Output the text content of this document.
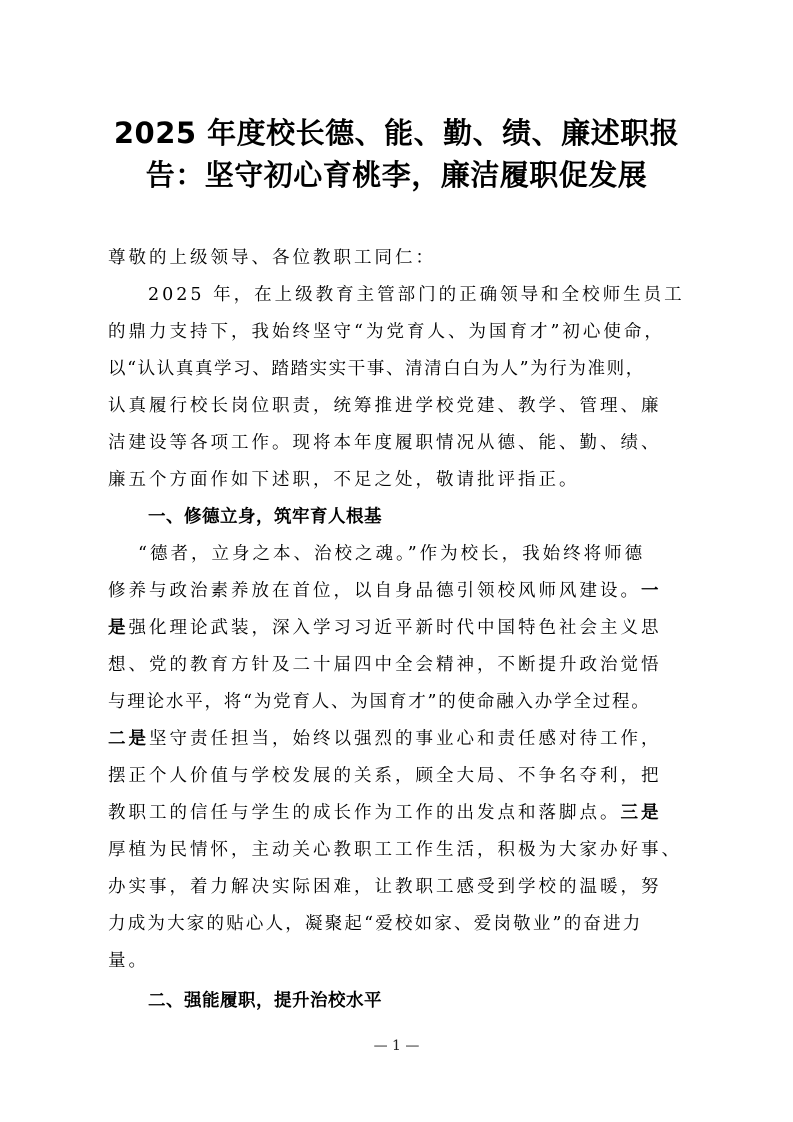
2025 年度校长德、能、勤、绩、廉述职报
告：坚守初心育桃李，廉洁履职促发展
尊敬的上级领导、各位教职工同仁：
2025 年，在上级教育主管部门的正确领导和全校师生员工
的鼎力支持下，我始终坚守“为党育人、为国育才”初心使命，
以“认认真真学习、踏踏实实干事、清清白白为人”为行为准则，
认真履行校长岗位职责，统筹推进学校党建、教学、管理、廉
洁建设等各项工作。现将本年度履职情况从德、能、勤、绩、
廉五个方面作如下述职，不足之处，敬请批评指正。
一、修德立身，筑牢育人根基
“德者，立身之本、治校之魂。”作为校长，我始终将师德
修养与政治素养放在首位，以自身品德引领校风师风建设。一
是强化理论武装，深入学习习近平新时代中国特色社会主义思
想、党的教育方针及二十届四中全会精神，不断提升政治觉悟
与理论水平，将“为党育人、为国育才”的使命融入办学全过程。
二是坚守责任担当，始终以强烈的事业心和责任感对待工作，
摆正个人价值与学校发展的关系，顾全大局、不争名夺利，把
教职工的信任与学生的成长作为工作的出发点和落脚点。三是
厚植为民情怀，主动关心教职工工作生活，积极为大家办好事、
办实事，着力解决实际困难，让教职工感受到学校的温暖，努
力成为大家的贴心人，凝聚起“爱校如家、爱岗敬业”的奋进力
量。
二、强能履职，提升治校水平
— 1 —
